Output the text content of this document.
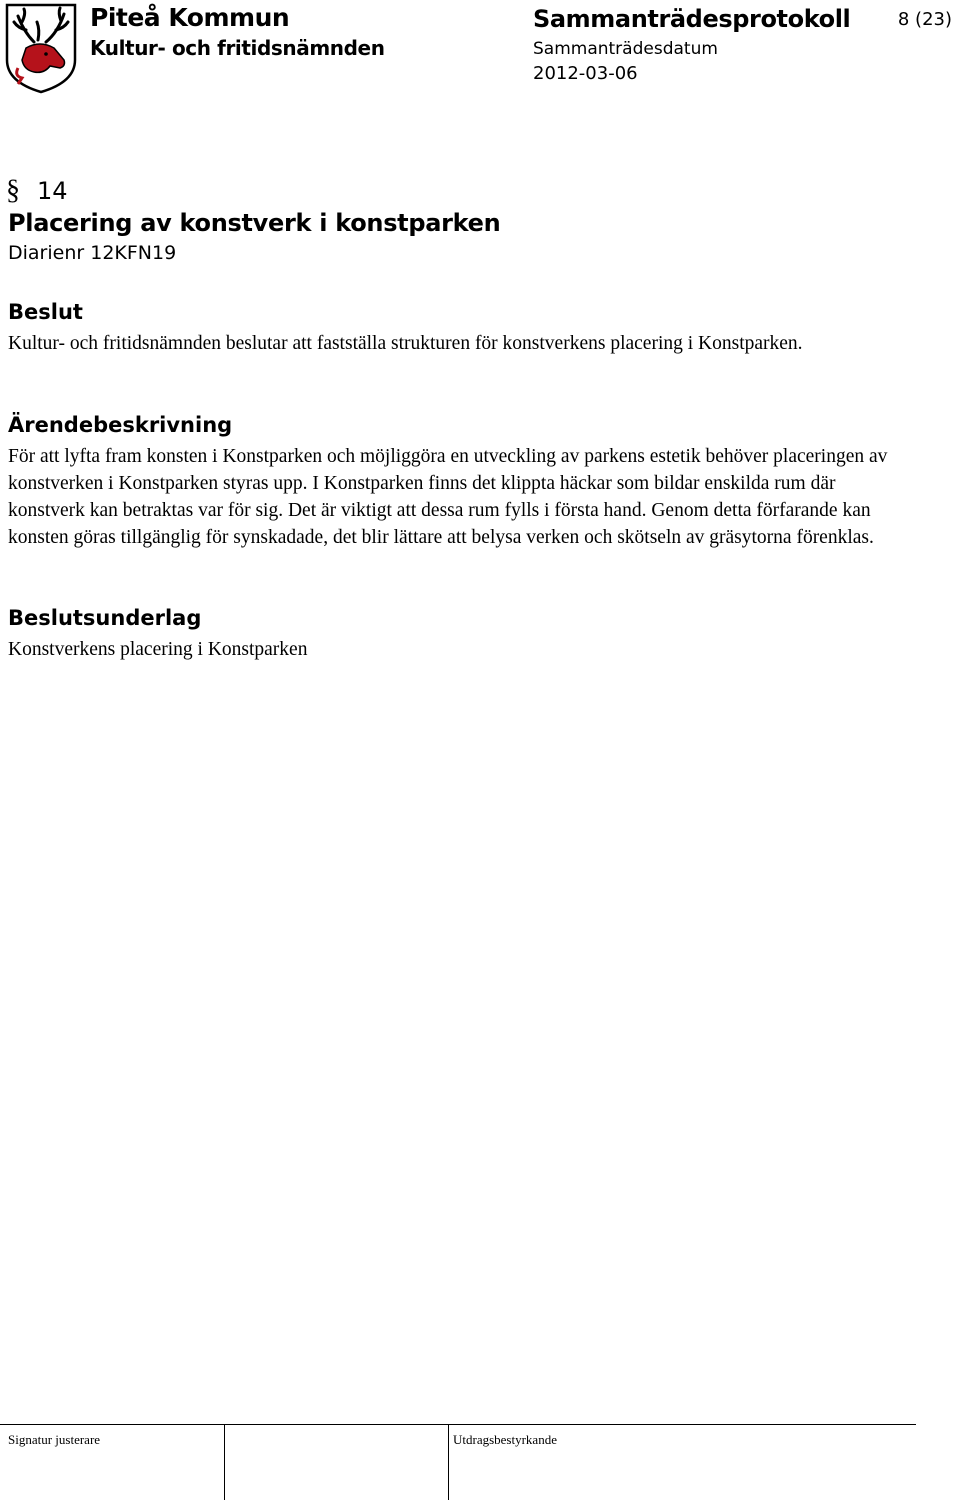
Piteå Kommun
Kultur- och fritidsnämnden
Sammanträdesprotokoll
Sammanträdesdatum
2012-03-06
8 (23)
§ 14
Placering av konstverk i konstparken
Diarienr 12KFN19
Beslut

Kultur- och fritidsnämnden beslutar att fastställa strukturen för konstverkens placering i Konstparken.

Ärendebeskrivning

För att lyfta fram konsten i Konstparken och möjliggöra en utveckling av parkens estetik behöver placeringen av konstverken i Konstparken styras upp. I Konstparken finns det klippta häckar som bildar enskilda rum där konstverk kan betraktas var för sig. Det är viktigt att dessa rum fylls i första hand. Genom detta förfarande kan konsten göras tillgänglig för synskadade, det blir lättare att belysa verken och skötseln av gräsytorna förenklas.

Beslutsunderlag

Konstverkens placering i Konstparken

Signatur justerare	Utdragsbestyrkande
